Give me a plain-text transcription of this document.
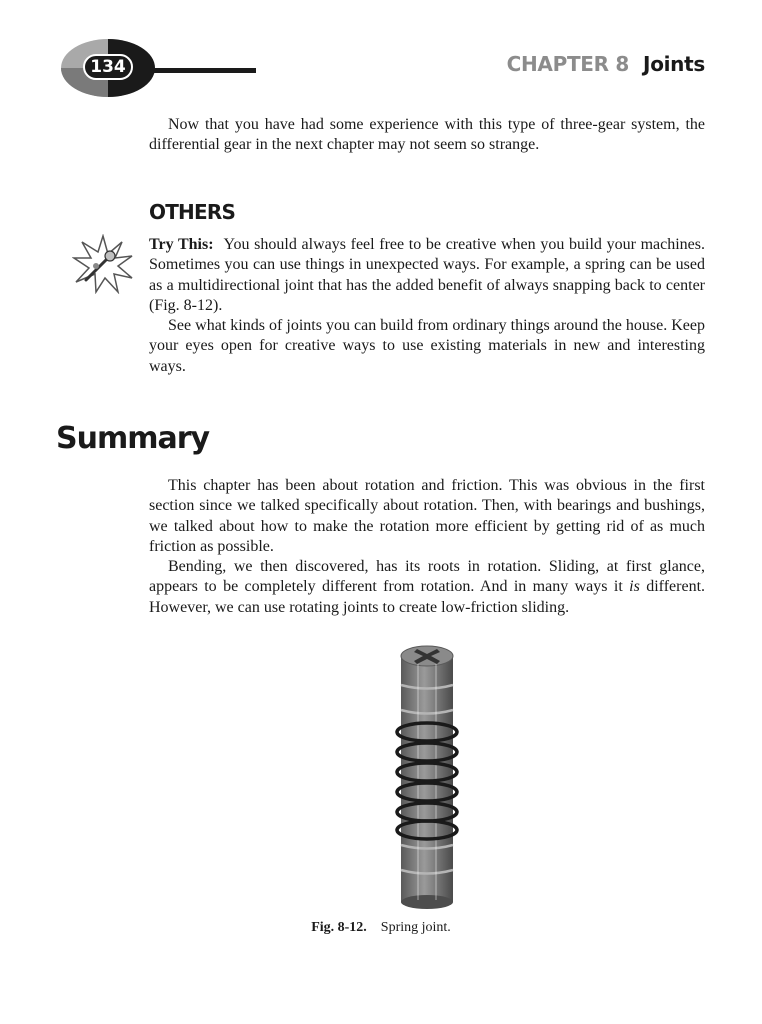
134	CHAPTER 8 Joints

Now that you have had some experience with this type of three-gear system, the differential gear in the next chapter may not seem so strange.

OTHERS

Try This: You should always feel free to be creative when you build your machines. Sometimes you can use things in unexpected ways. For example, a spring can be used as a multidirectional joint that has the added benefit of always snapping back to center (Fig. 8-12).

See what kinds of joints you can build from ordinary things around the house. Keep your eyes open for creative ways to use existing materials in new and interesting ways.

Summary

This chapter has been about rotation and friction. This was obvious in the first section since we talked specifically about rotation. Then, with bearings and bushings, we talked about how to make the rotation more efficient by getting rid of as much friction as possible.

Bending, we then discovered, has its roots in rotation. Sliding, at first glance, appears to be completely different from rotation. And in many ways it is different. However, we can use rotating joints to create low-friction sliding.

Fig. 8-12. Spring joint.
